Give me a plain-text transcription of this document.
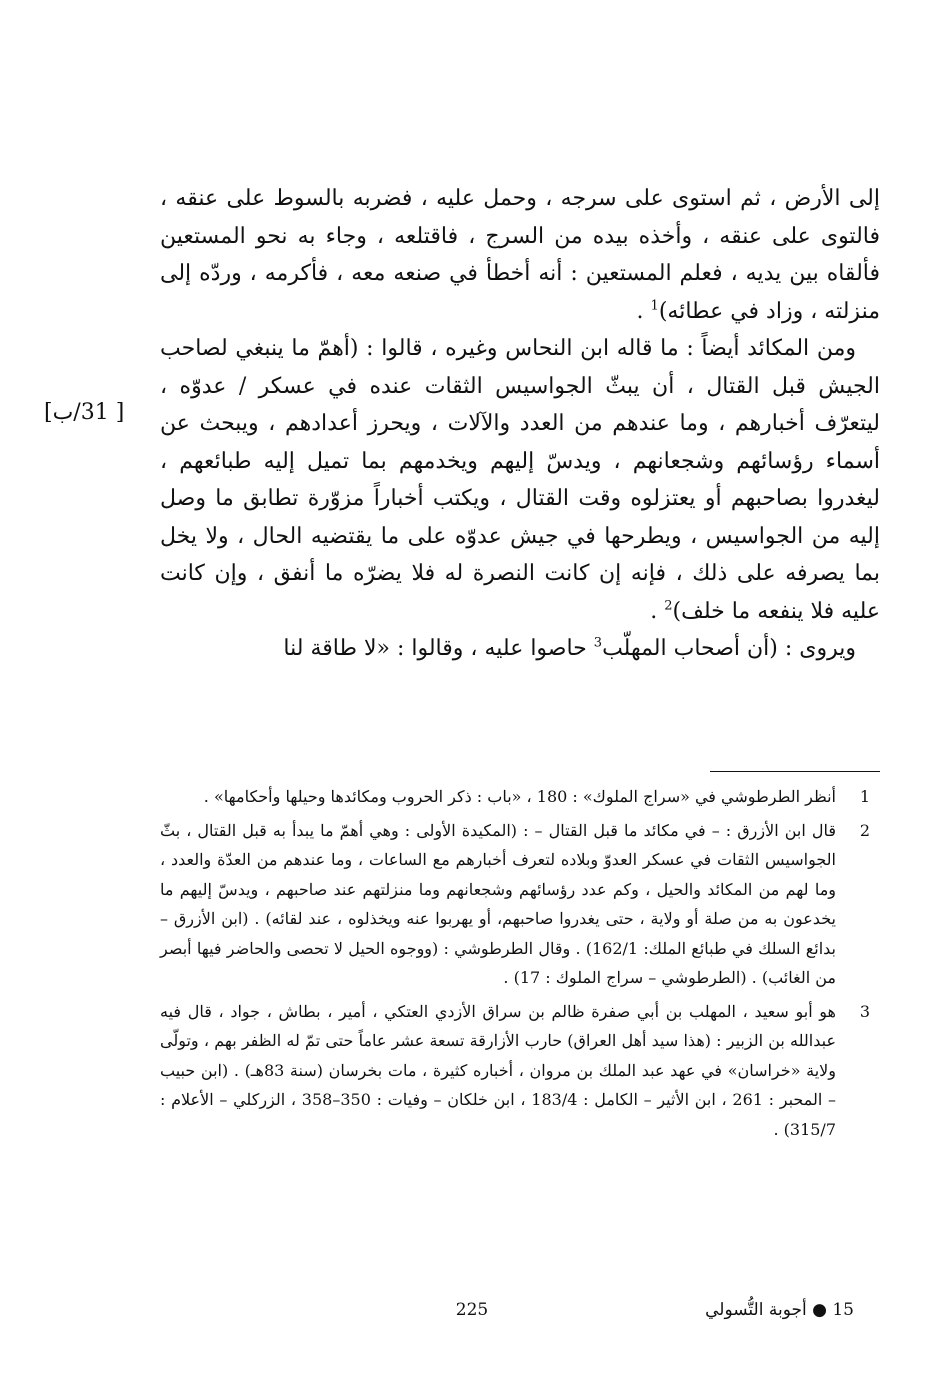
إلى الأرض ، ثم استوى على سرجه ، وحمل عليه ، فضربه بالسوط على عنقه ، فالتوى على عنقه ، وأخذه بيده من السرج ، فاقتلعه ، وجاء به نحو المستعين فألقاه بين يديه ، فعلم المستعين : أنه أخطأ في صنعه معه ، فأكرمه ، وردّه إلى منزلته ، وزاد في عطائه)$^1$ .

ومن المكائد أيضاً : ما قاله ابن النحاس وغيره ، قالوا : (أهمّ ما ينبغي لصاحب الجيش قبل القتال ، أن يبثّ الجواسيس الثقات عنده في عسكر / عدوّه ، ليتعرّف أخبارهم ، وما عندهم من العدد والآلات ، ويحرز أعدادهم ، ويبحث عن أسماء رؤسائهم وشجعانهم ، ويدسّ إليهم ويخدمهم بما تميل إليه طبائعهم ، ليغدروا بصاحبهم أو يعتزلوه وقت القتال ، ويكتب أخباراً مزوّرة تطابق ما وصل إليه من الجواسيس ، ويطرحها في جيش عدوّه على ما يقتضيه الحال ، ولا يخل بما يصرفه على ذلك ، فإنه إن كانت النصرة له فلا يضرّه ما أنفق ، وإن كانت عليه فلا ينفعه ما خلف)$^2$ .

ويروى : (أن أصحاب المهلّب$^3$ حاصوا عليه ، وقالوا : «لا طاقة لنا

[ 31/ب]
1
أنظر الطرطوشي في «سراج الملوك» : 180 ، «باب : ذكر الحروب ومكائدها وحيلها وأحكامها» .
2
قال ابن الأزرق : – في مكائد ما قبل القتال – : (المكيدة الأولى : وهي أهمّ ما يبدأ به قبل القتال ، بثّ الجواسيس الثقات في عسكر العدوّ وبلاده لتعرف أخبارهم مع الساعات ، وما عندهم من العدّة والعدد ، وما لهم من المكائد والحيل ، وكم عدد رؤسائهم وشجعانهم وما منزلتهم عند صاحبهم ، ويدسّ إليهم ما يخدعون به من صلة أو ولاية ، حتى يغدروا صاحبهم، أو يهربوا عنه ويخذلوه ، عند لقائه) . (ابن الأزرق – بدائع السلك في طبائع الملك: 162/1) . وقال الطرطوشي : (ووجوه الحيل لا تحصى والحاضر فيها أبصر من الغائب) . (الطرطوشي – سراج الملوك : 17) .
3
هو أبو سعيد ، المهلب بن أبي صفرة ظالم بن سراق الأزدي العتكي ، أمير ، بطاش ، جواد ، قال فيه عبدالله بن الزبير : (هذا سيد أهل العراق) حارب الأزارقة تسعة عشر عاماً حتى تمّ له الظفر بهم ، وتولّى ولاية «خراسان» في عهد عبد الملك بن مروان ، أخباره كثيرة ، مات بخرسان (سنة 83هـ) . (ابن حبيب – المحبر : 261 ، ابن الأثير – الكامل : 183/4 ، ابن خلكان – وفيات : 350–358 ، الزركلي – الأعلام : 315/7) .
225	15 ● أجوبة التُّسولي
